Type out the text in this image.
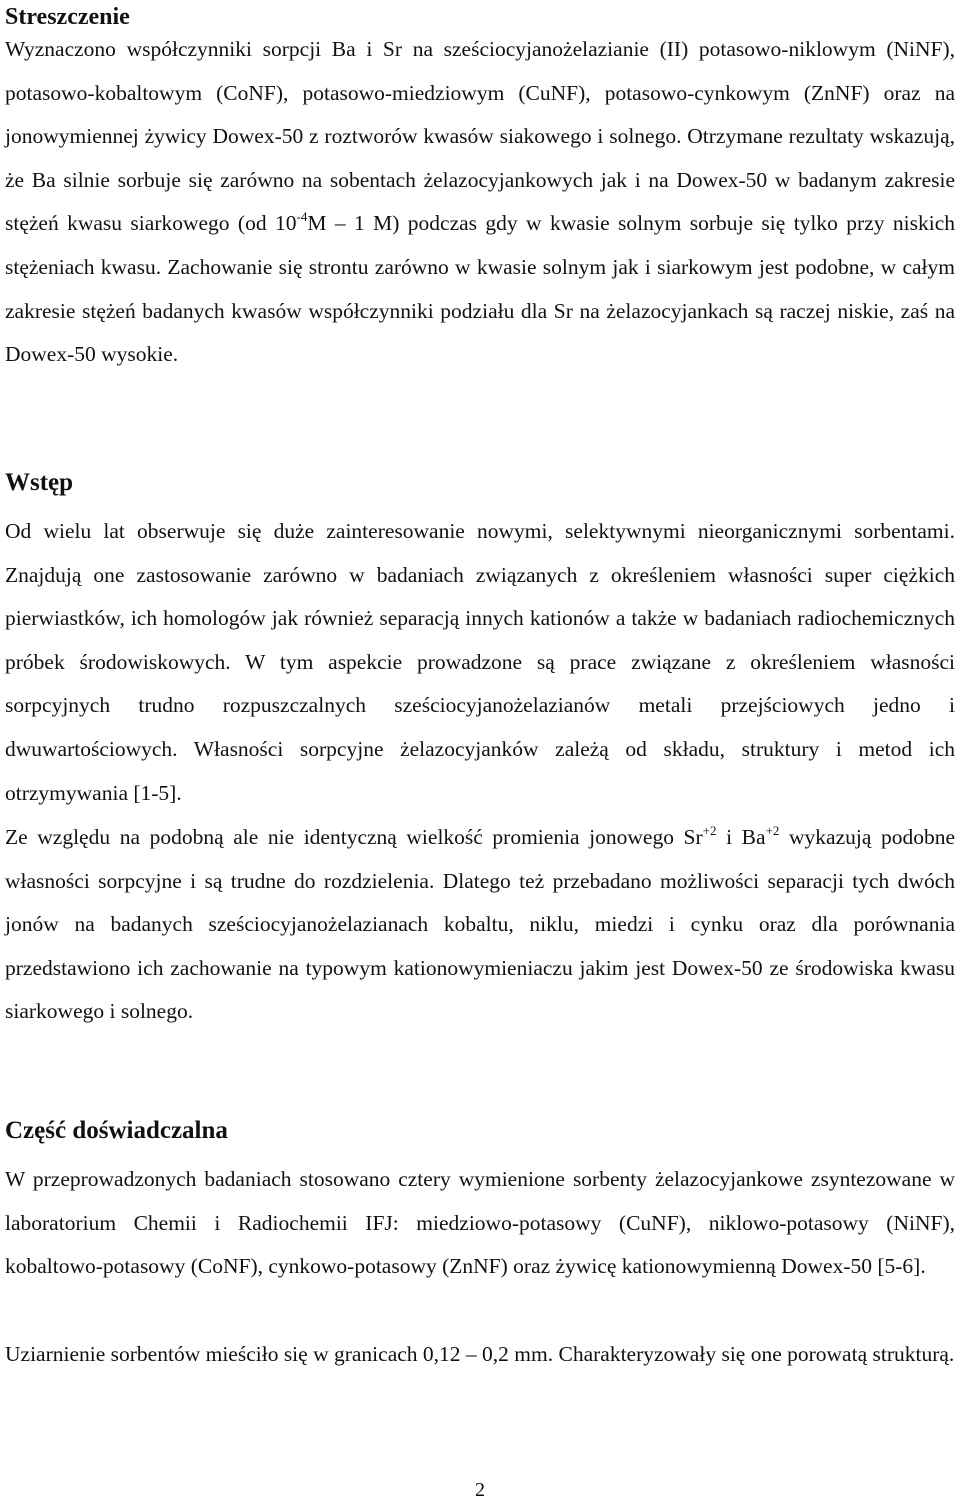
Streszczenie

Wyznaczono współczynniki sorpcji Ba i Sr na sześciocyjanożelazianie (II) potasowo-niklowym (NiNF), potasowo-kobaltowym (CoNF), potasowo-miedziowym (CuNF), potasowo-cynkowym (ZnNF) oraz na jonowymiennej żywicy Dowex-50 z roztworów kwasów siakowego i solnego. Otrzymane rezultaty wskazują, że Ba silnie sorbuje się zarówno na sobentach żelazocyjankowych jak i na Dowex-50 w badanym zakresie stężeń kwasu siarkowego (od $10^{-4}M - 1$ M) podczas gdy w kwasie solnym sorbuje się tylko przy niskich stężeniach kwasu. Zachowanie się strontu zarówno w kwasie solnym jak i siarkowym jest podobne, w całym zakresie stężeń badanych kwasów współczynniki podziału dla Sr na żelazocyjankach są raczej niskie, zaś na Dowex-50 wysokie.

Wstęp

Od wielu lat obserwuje się duże zainteresowanie nowymi, selektywnymi nieorganicznymi sorbentami. Znajdują one zastosowanie zarówno w badaniach związanych z określeniem własności super ciężkich pierwiastków, ich homologów jak również separacją innych kationów a także w badaniach radiochemicznych próbek środowiskowych. W tym aspekcie prowadzone są prace związane z określeniem własności sorpcyjnych trudno rozpuszczalnych sześciocyjanożelazianów metali przejściowych jedno i dwuwartościowych. Własności sorpcyjne żelazocyjanków zależą od składu, struktury i metod ich otrzymywania [1-5].

Ze względu na podobną ale nie identyczną wielkość promienia jonowego $Sr^{+2}$ i $Ba^{+2}$ wykazują podobne własności sorpcyjne i są trudne do rozdzielenia. Dlatego też przebadano możliwości separacji tych dwóch jonów na badanych sześciocyjanożelazianach kobaltu, niklu, miedzi i cynku oraz dla porównania przedstawiono ich zachowanie na typowym kationowymieniaczu jakim jest Dowex-50 ze środowiska kwasu siarkowego i solnego.

Część doświadczalna

W przeprowadzonych badaniach stosowano cztery wymienione sorbenty żelazocyjankowe zsyntezowane w laboratorium Chemii i Radiochemii IFJ: miedziowo-potasowy (CuNF), niklowo-potasowy (NiNF), kobaltowo-potasowy (CoNF), cynkowo-potasowy (ZnNF) oraz żywicę kationowymienną Dowex-50 [5-6].

Uziarnienie sorbentów mieściło się w granicach 0,12 – 0,2 mm. Charakteryzowały się one porowatą strukturą.

2
